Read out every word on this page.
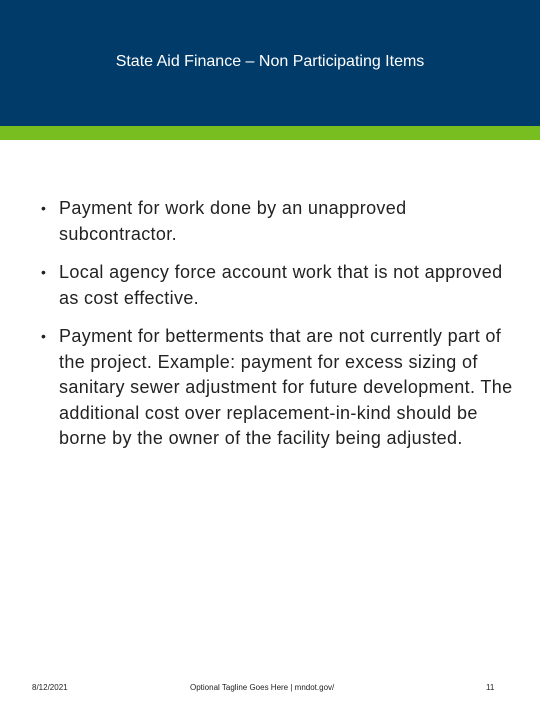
State Aid Finance – Non Participating Items
• Payment for work done by an unapproved subcontractor.
• Local agency force account work that is not approved as cost effective.
• Payment for betterments that are not currently part of the project. Example: payment for excess sizing of sanitary sewer adjustment for future development. The additional cost over replacement-in-kind should be borne by the owner of the facility being adjusted.
8/12/2021	Optional Tagline Goes Here | mndot.gov/	11
